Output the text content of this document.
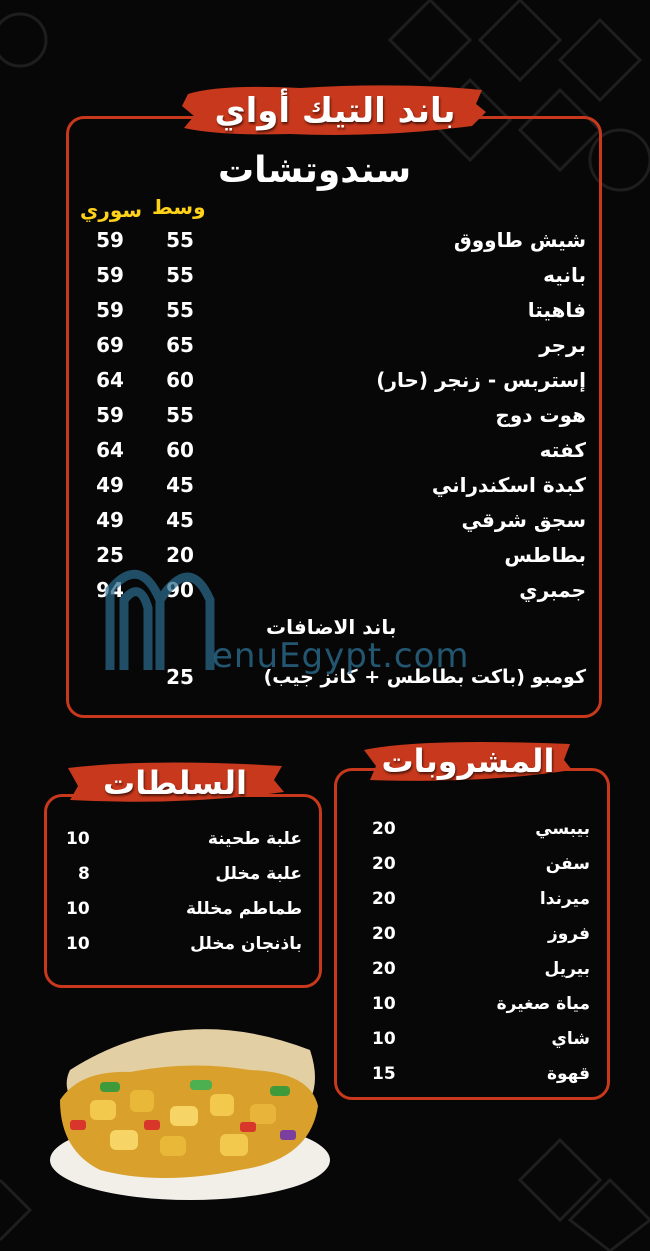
باند التيك أواي
سندوتشات
وسط
سوري
شيش طاووق
55
59
بانيه
55
59
فاهيتا
55
59
برجر
65
69
إستربس - زنجر (حار)
60
64
هوت دوج
55
59
كفته
60
64
كبدة اسكندراني
45
49
سجق شرقي
45
49
بطاطس
20
25
جمبري
90
94
باند الاضافات
كومبو (باكت بطاطس + كانز جيب)
25
enuEgypt.com
المشروبات
بيبسي
20
سفن
20
ميرندا
20
فروز
20
بيريل
20
مياة صغيرة
10
شاي
10
قهوة
15
السلطات
علبة طحينة
10
علبة مخلل
8
طماطم مخللة
10
باذنجان مخلل
10
